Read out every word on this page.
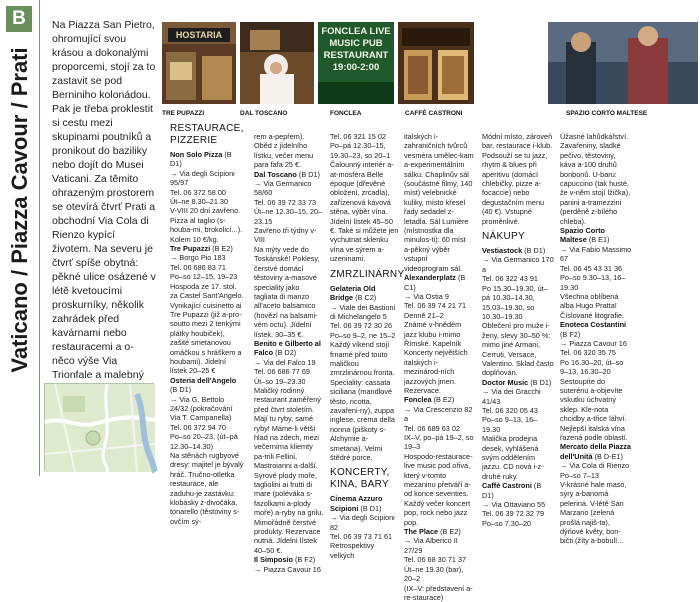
B
Vaticano / Piazza Cavour / Prati
Na Piazza San Pietro, ohromující svou krásou a dokonalými proporcemi, stojí za to zastavit se pod Berniniho kolonádou. Pak je třeba proklestit si cestu mezi skupinami poutníků a pronikout do baziliky nebo dojít do Musei Vaticani. Za těmito ohrazeným prostorem se otevírá čtvrť Prati a obchodní Via Cola di Rienzo kypící životem. Na severu je čtvrť spíše obytná: pěkné ulice osázené v létě kvetoucími proskurníky, několik zahrádek před kavárnami nebo restauracemi a o-něco výše Via Trionfale a malebný
HOSTARIA
TRE PUPAZZI	DAL TOSCANO
FONCLEA LIVE MUSIC PUB RESTAURANT 19:00-2:00
FONCLEA	CAFFÈ CASTRONI	SPAZIO CORTO MALTESE
RESTAURACE, PIZZERIE

Non Solo Pizza (B D1)
→ Via degli Scipioni 95/97
Tel. 06 372 58 00
Út–ne 8.30–21.30
V-VIII 20 dní zavřeno.
Pizza al taglio (s-houba-mi, brokolicí...).
Kolem 10 €/kg.

Tre Pupazzi (B E2)
→ Borgo Pio 183
Tel. 06 686 83 71
Po–so 12–15, 19–23
Hospoda ze 17. stol. za Castel Sant'Angelo. Vynikající cuisinetto ai Tre Pupazzi (již a-pro-soutto mezi 2 tenkými plátky houbiček), zašité smetanovou omáčkou s hráškem a houbami). Jídelní lístek 20–25 €

Osteria dell'Angelo (B D1)
→ Via G. Bettolo 24/32 (pokračování Via T. Campanella)
Tel. 06 372 94 70
Po–so 20–23, (út–pá 12.30–14.30)
Na stěnách rugbyové dresy: majitel je bývalý hráč. Tručno-otletka restaurace, ale zaduhu-je zastávku: klobásky z-divočáka, tonarello (těstoviny s-ovčím sý-

rem a-pepřem). Oběd z jídelního lístku, večer menu para fafa 25 €.

Dal Toscano (B D1)
→ Via Germanico 58/60
Tel. 06 39 72 33 73 Út–ne 12.30–15, 20–23.15
Zavřeno tři týdny v-VIII
Na mýty vede do Toskánské! Poklesy, čerstvé domácí těstoviny a-masové speciality jako tagliata di manzo all'aceto balsamico (hovězí na balsami-vém octu). Jídelní lístek. 30–35 €.

Benito e Gilberto al Falco (B D2)
→ Via del Falco 19
Tel. 06 686 77 69
Út–so 19–23.30
Maličký rodinný restaurant zaměřený před čtvrt stoletím. Mají tu ryby, samé ryby! Máme-li větší hlad na zdech, mezi večerníma kliemty pa-trili Fellini, Mastroianni a-další. Syrové plody moře, tagliolini ai frutti di mare (poléváka s-fazolkami a-plody moře) a-ryby na grilu. Mimořádně čerstvé produkty. Rezervace nutná. Jídelní lístek 40–50 €.

Il Simposio (B F2)
→ Piazza Cavour 16

Tel. 06 321 15 02
Po–pá 12.30–15, 19.30–23, so 20–1
Čalounný interiér a-at-mosféra Belle époque (dřevěné obložení, zrcadla), zařízenová kávová stěna, výběr vína. Jídelní lístek 45–50 €. Také si můžete jen vychutnat sklenku vína ve sýrem a-uzeninami.

ZMRZLINÁRNY

Gelateria Old Bridge (B C2)
→ Viale dei Bastioni di Michelangelo 5
Tel. 06 39 72 30 26
Po–so 9–2, ne 15–2
Každý víkend stojí frnamé před touto maličkou zmrzlinárnou fronta. Speciality: cassata siciliana (mandlové těsto, ricotta, zavařeni-ny), zuppa inglese, crema della nonna (piškoty s-Alchymie a-smetana). Velmi štědré porce.

KONCERTY, KINA, BARY

Cinema Azzuro Scipioni (B D1)
→ Via degli Scipioni 82
Tel. 06 39 73 71 61
Retrospektivy velkých

italských i-zahraničních tvůrců vesméra umělec-kam a-experimentálním sálku. Chaplinův sál (součástné filmy, 140 míst) velebnické kuliky, místo křesel řady sedadel z-letadla. Sál Lumière (místnostka dla minulos-ti): 60 míst a-pěkný výběr vstupní videoprogram sál.

Alexanderplatz (B C1)
→ Via Ostia 9
Tel. 06 39 74 21 71
Denně 21–2
Známé v-hnědém jazz klubu i-mimo Římské. Kapelník Koncerty největších italských i-mezinárod-ních jazzových jmen. Rezervace.

Fonclea (B E2)
→ Via Crescenzio 82 a
Tel. 06 689 63 02
IX–V, po–pá 19–2, so 19–3
Hospodo-restaurace-live music pod ořiva, který v-tomto mezaninu přetváří a-od konce seventies. Každý večer koncert pop, rock nebo jazz pop.

The Place (B E2)
→ Via Alberico II 27/29
Tel. 06 68 30 71 37
Út–ne 19.30 (bar), 20–2
(IX–V: představení a-re-staurace)

Módní místo, zároveň bar, restaurace i-klub. Podsouží se tu jazz, rhytm & blues při aperitivu (domácí chlebičky, pizze a-focaccie) nebo degustačním menu (40 €). Vstupné proměnlivé.

NÁKUPY

Vestiastock (B D1)
→ Via Germanico 170 a
Tel. 06 322 43 91
Po 15.30–19.30, út–pá 10.30–14.30, 15.03–19.30, so 10.30–19.30
Oblečení pro muže i-ženy, slevy 30–50 %: mimo jiné Armani, Cerruti, Versace, Valentino. Sklad často doplňován.

Doctor Music (B D1)
→ Via dei Gracchi 41/43
Tel. 06 320 05 43
Po–so 9–13, 16–19.30
Malička prodejna desek, vyhlášená svým oddělením jazzu. CD nová i-z-druhé ruky.

Caffè Castroni (B D1)
→ Via Ottaviano 55
Tel. 06 39 72 32 79
Po–so 7.30–20

Úžasné lahůdkářství. Zavařeniny, sladké pečivo, těstoviny, káva a-100 druhů bonbonů. U-baru: capuccino (tak husté, že v-něm stojí lžička), panini a-tramezzini (perděně z-bílého chleba).

Spazio Corto Maltese (B E1)
→ Via Fabio Massimo 67
Tel. 06 45 43 31 36
Po–so 9.30–13, 16–19.30
Všechna oblíbená alba Hugo Pratta! Číslované litografie.

Enoteca Costantini (B F2)
→ Piazza Cavour 16
Tel. 06 320 35 75
Po 16.30–20, út–so 9–13, 16.30–20
Sestoupíte do suterénu a-objevíte vskutku úchvatný sklep. Kle-nota chcidby a-třice láhví. Nejlepší italská vína řazená podle oblastí.

Mercato della Piazza dell'Unità (B D-E1)
→ Via Cola di Rienzo Po–so 7–13
V-krásné hale maso, sýry a-banomá pelerina. V-létě San Marzano (zelená prošlá najiš-ta), dýňové květy, bon-bičti (žíty a-bobulí...
